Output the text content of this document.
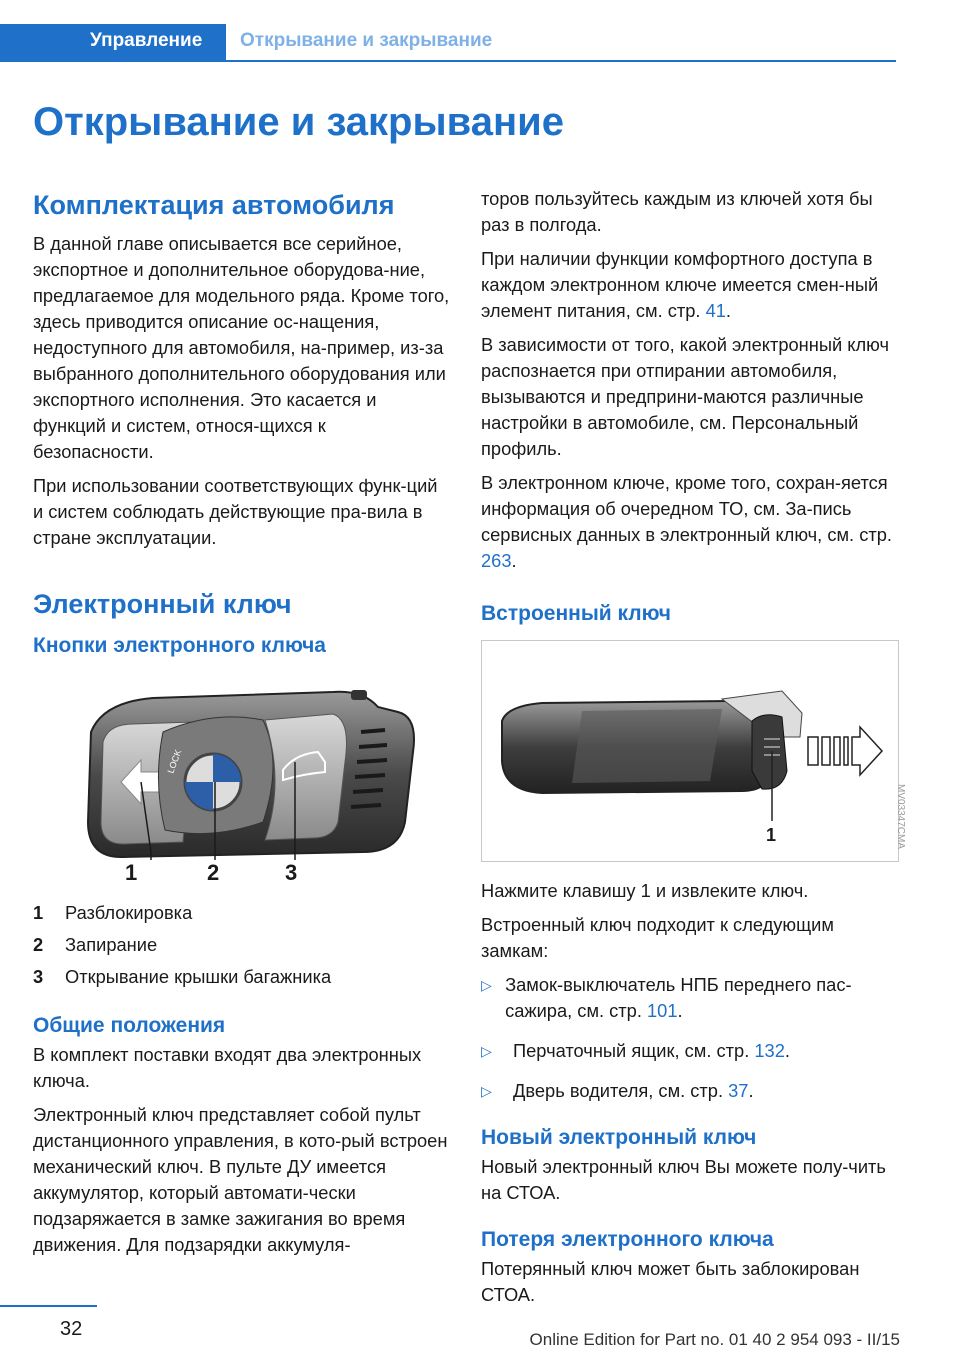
Управление Открывание и закрывание
Открывание и закрывание
Комплектация автомобиля

В данной главе описывается все серийное, экспортное и дополнительное оборудова-ние, предлагаемое для модельного ряда. Кроме того, здесь приводится описание ос-нащения, недоступного для автомобиля, на-пример, из-за выбранного дополнительного оборудования или экспортного исполнения. Это касается и функций и систем, относя-щихся к безопасности.

При использовании соответствующих функ-ций и систем соблюдать действующие пра-вила в стране эксплуатации.

Электронный ключ
Кнопки электронного ключа
LOCK
1	2	3
1	Разблокировка
2	Запирание
3	Открывание крышки багажника
Общие положения

В комплект поставки входят два электронных ключа.

Электронный ключ представляет собой пульт дистанционного управления, в кото-рый встроен механический ключ. В пульте ДУ имеется аккумулятор, который автомати-чески подзаряжается в замке зажигания во время движения. Для подзарядки аккумуля-

торов пользуйтесь каждым из ключей хотя бы раз в полгода.

При наличии функции комфортного доступа в каждом электронном ключе имеется смен-ный элемент питания, см. стр. 41.

В зависимости от того, какой электронный ключ распознается при отпирании автомобиля, вызываются и предприни-маются различные настройки в автомобиле, см. Персональный профиль.

В электронном ключе, кроме того, сохран-яется информация об очередном ТО, см. За-пись сервисных данных в электронный ключ, см. стр. 263.

Встроенный ключ
1

Нажмите клавишу 1 и извлеките ключ.

Встроенный ключ подходит к следующим замкам:

▷ Замок-выключатель НПБ переднего пас-сажира, см. стр. 101.
▷	Перчаточный ящик, см. стр. 132.
▷	Дверь водителя, см. стр. 37.
Новый электронный ключ

Новый электронный ключ Вы можете полу-чить на СТОА.

Потеря электронного ключа

Потерянный ключ может быть заблокирован СТОА.

MV03347CMA
32	Online Edition for Part no. 01 40 2 954 093 - II/15
